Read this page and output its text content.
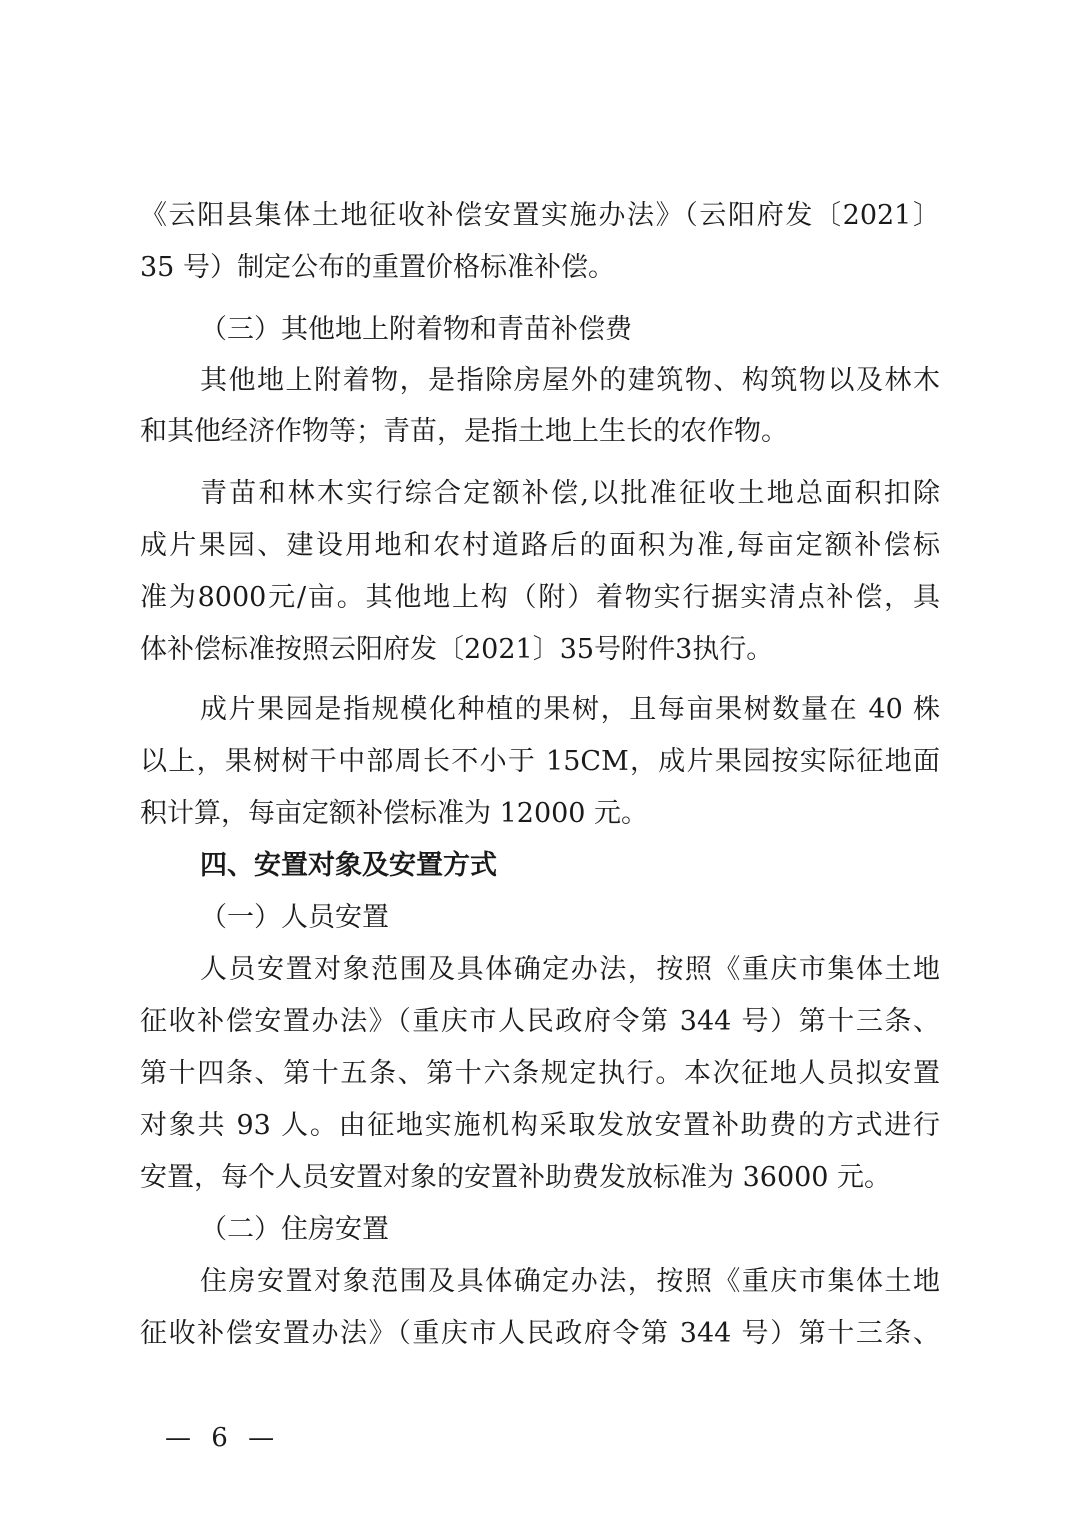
《云阳县集体土地征收补偿安置实施办法》（云阳府发〔2021〕
35 号）制定公布的重置价格标准补偿。
（三）其他地上附着物和青苗补偿费
其他地上附着物，是指除房屋外的建筑物、构筑物以及林木
和其他经济作物等；青苗，是指土地上生长的农作物。
青苗和林木实行综合定额补偿,以批准征收土地总面积扣除
成片果园、建设用地和农村道路后的面积为准,每亩定额补偿标
准为8000元/亩。其他地上构（附）着物实行据实清点补偿，具
体补偿标准按照云阳府发〔2021〕35号附件3执行。
成片果园是指规模化种植的果树，且每亩果树数量在 40 株
以上，果树树干中部周长不小于 15CM，成片果园按实际征地面
积计算，每亩定额补偿标准为 12000 元。
四、安置对象及安置方式
（一）人员安置
人员安置对象范围及具体确定办法，按照《重庆市集体土地
征收补偿安置办法》（重庆市人民政府令第 344 号）第十三条、
第十四条、第十五条、第十六条规定执行。本次征地人员拟安置
对象共 93 人。由征地实施机构采取发放安置补助费的方式进行
安置，每个人员安置对象的安置补助费发放标准为 36000 元。
（二）住房安置
住房安置对象范围及具体确定办法，按照《重庆市集体土地
征收补偿安置办法》（重庆市人民政府令第 344 号）第十三条、
— 6 —
